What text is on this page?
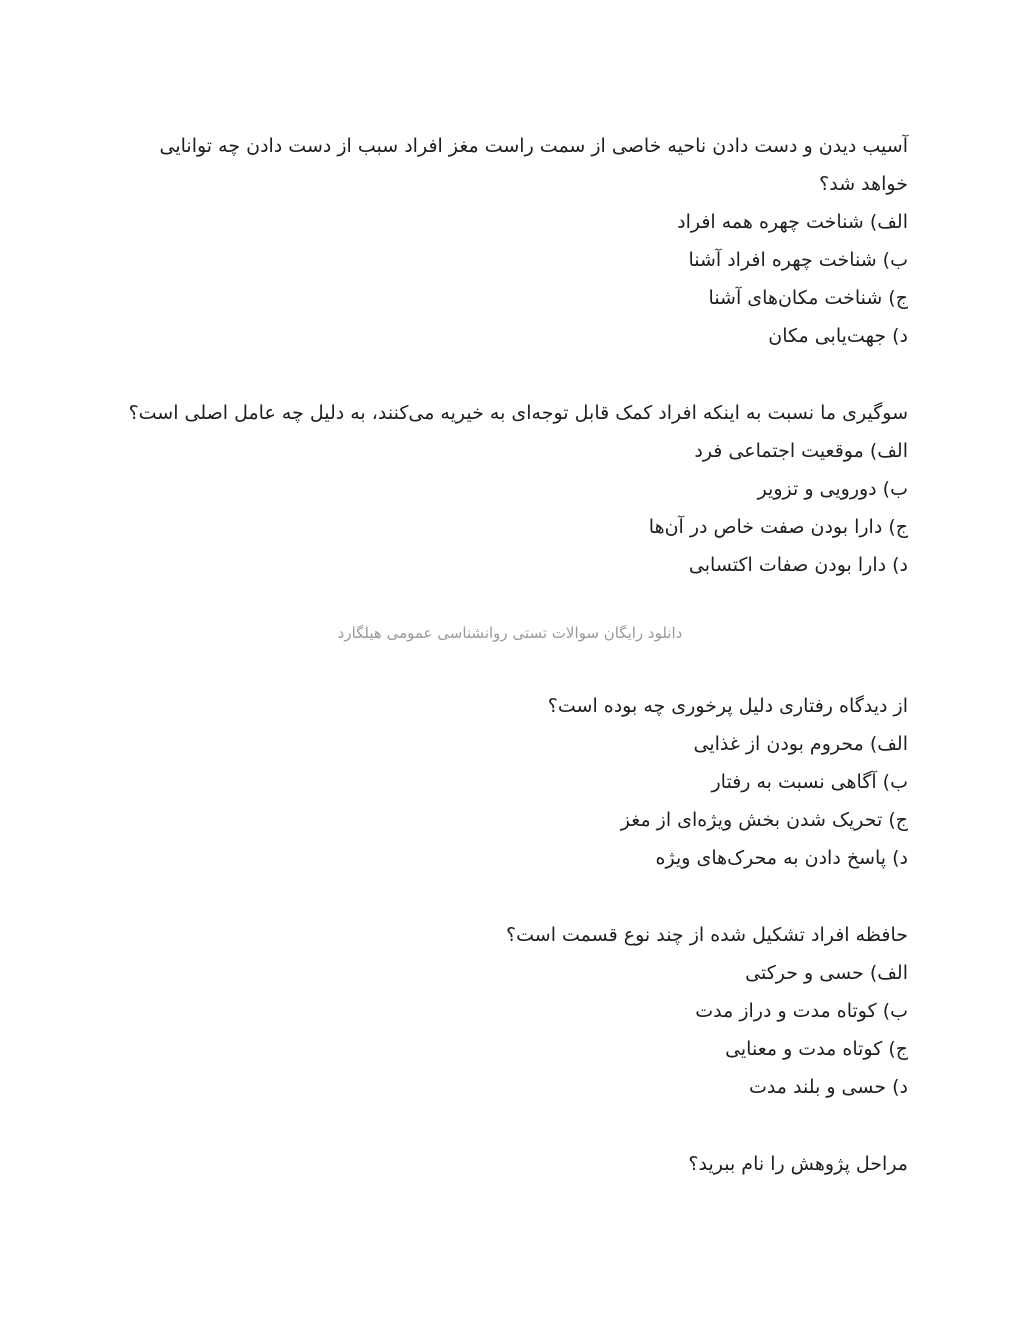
آسیب دیدن و دست دادن ناحیه خاصی از سمت راست مغز افراد سبب از دست دادن چه توانایی خواهد شد؟

الف) شناخت چهره همه افراد

ب) شناخت چهره افراد آشنا

ج) شناخت مکان‌های آشنا

د) جهت‌یابی مکان

سوگیری ما نسبت به اینکه افراد کمک قابل توجه‌ای به خیریه می‌کنند، به دلیل چه عامل اصلی است؟

الف) موقعیت اجتماعی فرد

ب) دورویی و تزویر

ج) دارا بودن صفت خاص در آن‌ها

د) دارا بودن صفات اکتسابی

دانلود رایگان سوالات تستی روانشناسی عمومی هیلگارد

از دیدگاه رفتاری دلیل پرخوری چه بوده است؟

الف) محروم بودن از غذایی

ب) آگاهی نسبت به رفتار

ج) تحریک شدن بخش ویژه‌ای از مغز

د) پاسخ دادن به محرک‌های ویژه

حافظه افراد تشکیل شده از چند نوع قسمت است؟

الف) حسی و حرکتی

ب) کوتاه مدت و دراز مدت

ج) کوتاه مدت و معنایی

د) حسی و بلند مدت

مراحل پژوهش را نام ببرید؟
